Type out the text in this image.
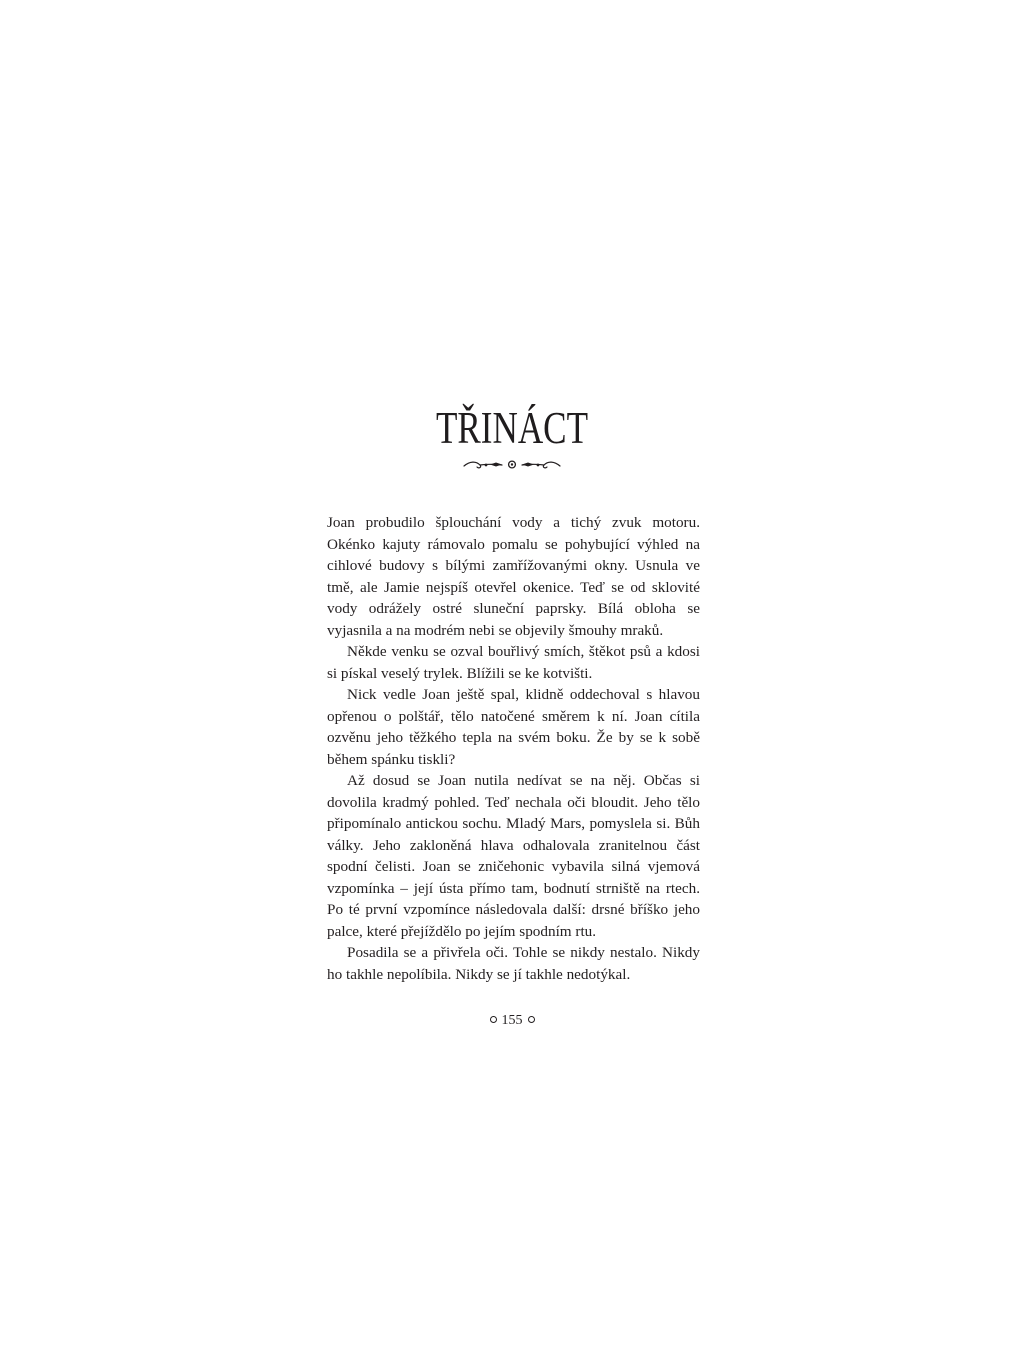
TŘINÁCT

Joan probudilo šplouchání vody a tichý zvuk motoru. Okénko kajuty rámovalo pomalu se pohybující výhled na cihlové budovy s bílými zamřížovanými okny. Usnula ve tmě, ale Jamie nejspíš otevřel okenice. Teď se od sklovité vody odrážely ostré sluneční paprsky. Bílá obloha se vyjasnila a na modrém nebi se objevily šmouhy mraků.

Někde venku se ozval bouřlivý smích, štěkot psů a kdosi si pískal veselý trylek. Blížili se ke kotvišti.

Nick vedle Joan ještě spal, klidně oddechoval s hlavou opřenou o polštář, tělo natočené směrem k ní. Joan cítila ozvěnu jeho těžkého tepla na svém boku. Že by se k sobě během spánku tiskli?

Až dosud se Joan nutila nedívat se na něj. Občas si dovolila kradmý pohled. Teď nechala oči bloudit. Jeho tělo připomínalo antickou sochu. Mladý Mars, pomyslela si. Bůh války. Jeho zakloněná hlava odhalovala zranitelnou část spodní čelisti. Joan se zničehonic vybavila silná vjemová vzpomínka – její ústa přímo tam, bodnutí strniště na rtech. Po té první vzpomínce následovala další: drsné bříško jeho palce, které přejíždělo po jejím spodním rtu.

Posadila se a přivřela oči. Tohle se nikdy nestalo. Nikdy ho takhle nepolíbila. Nikdy se jí takhle nedotýkal.

155
